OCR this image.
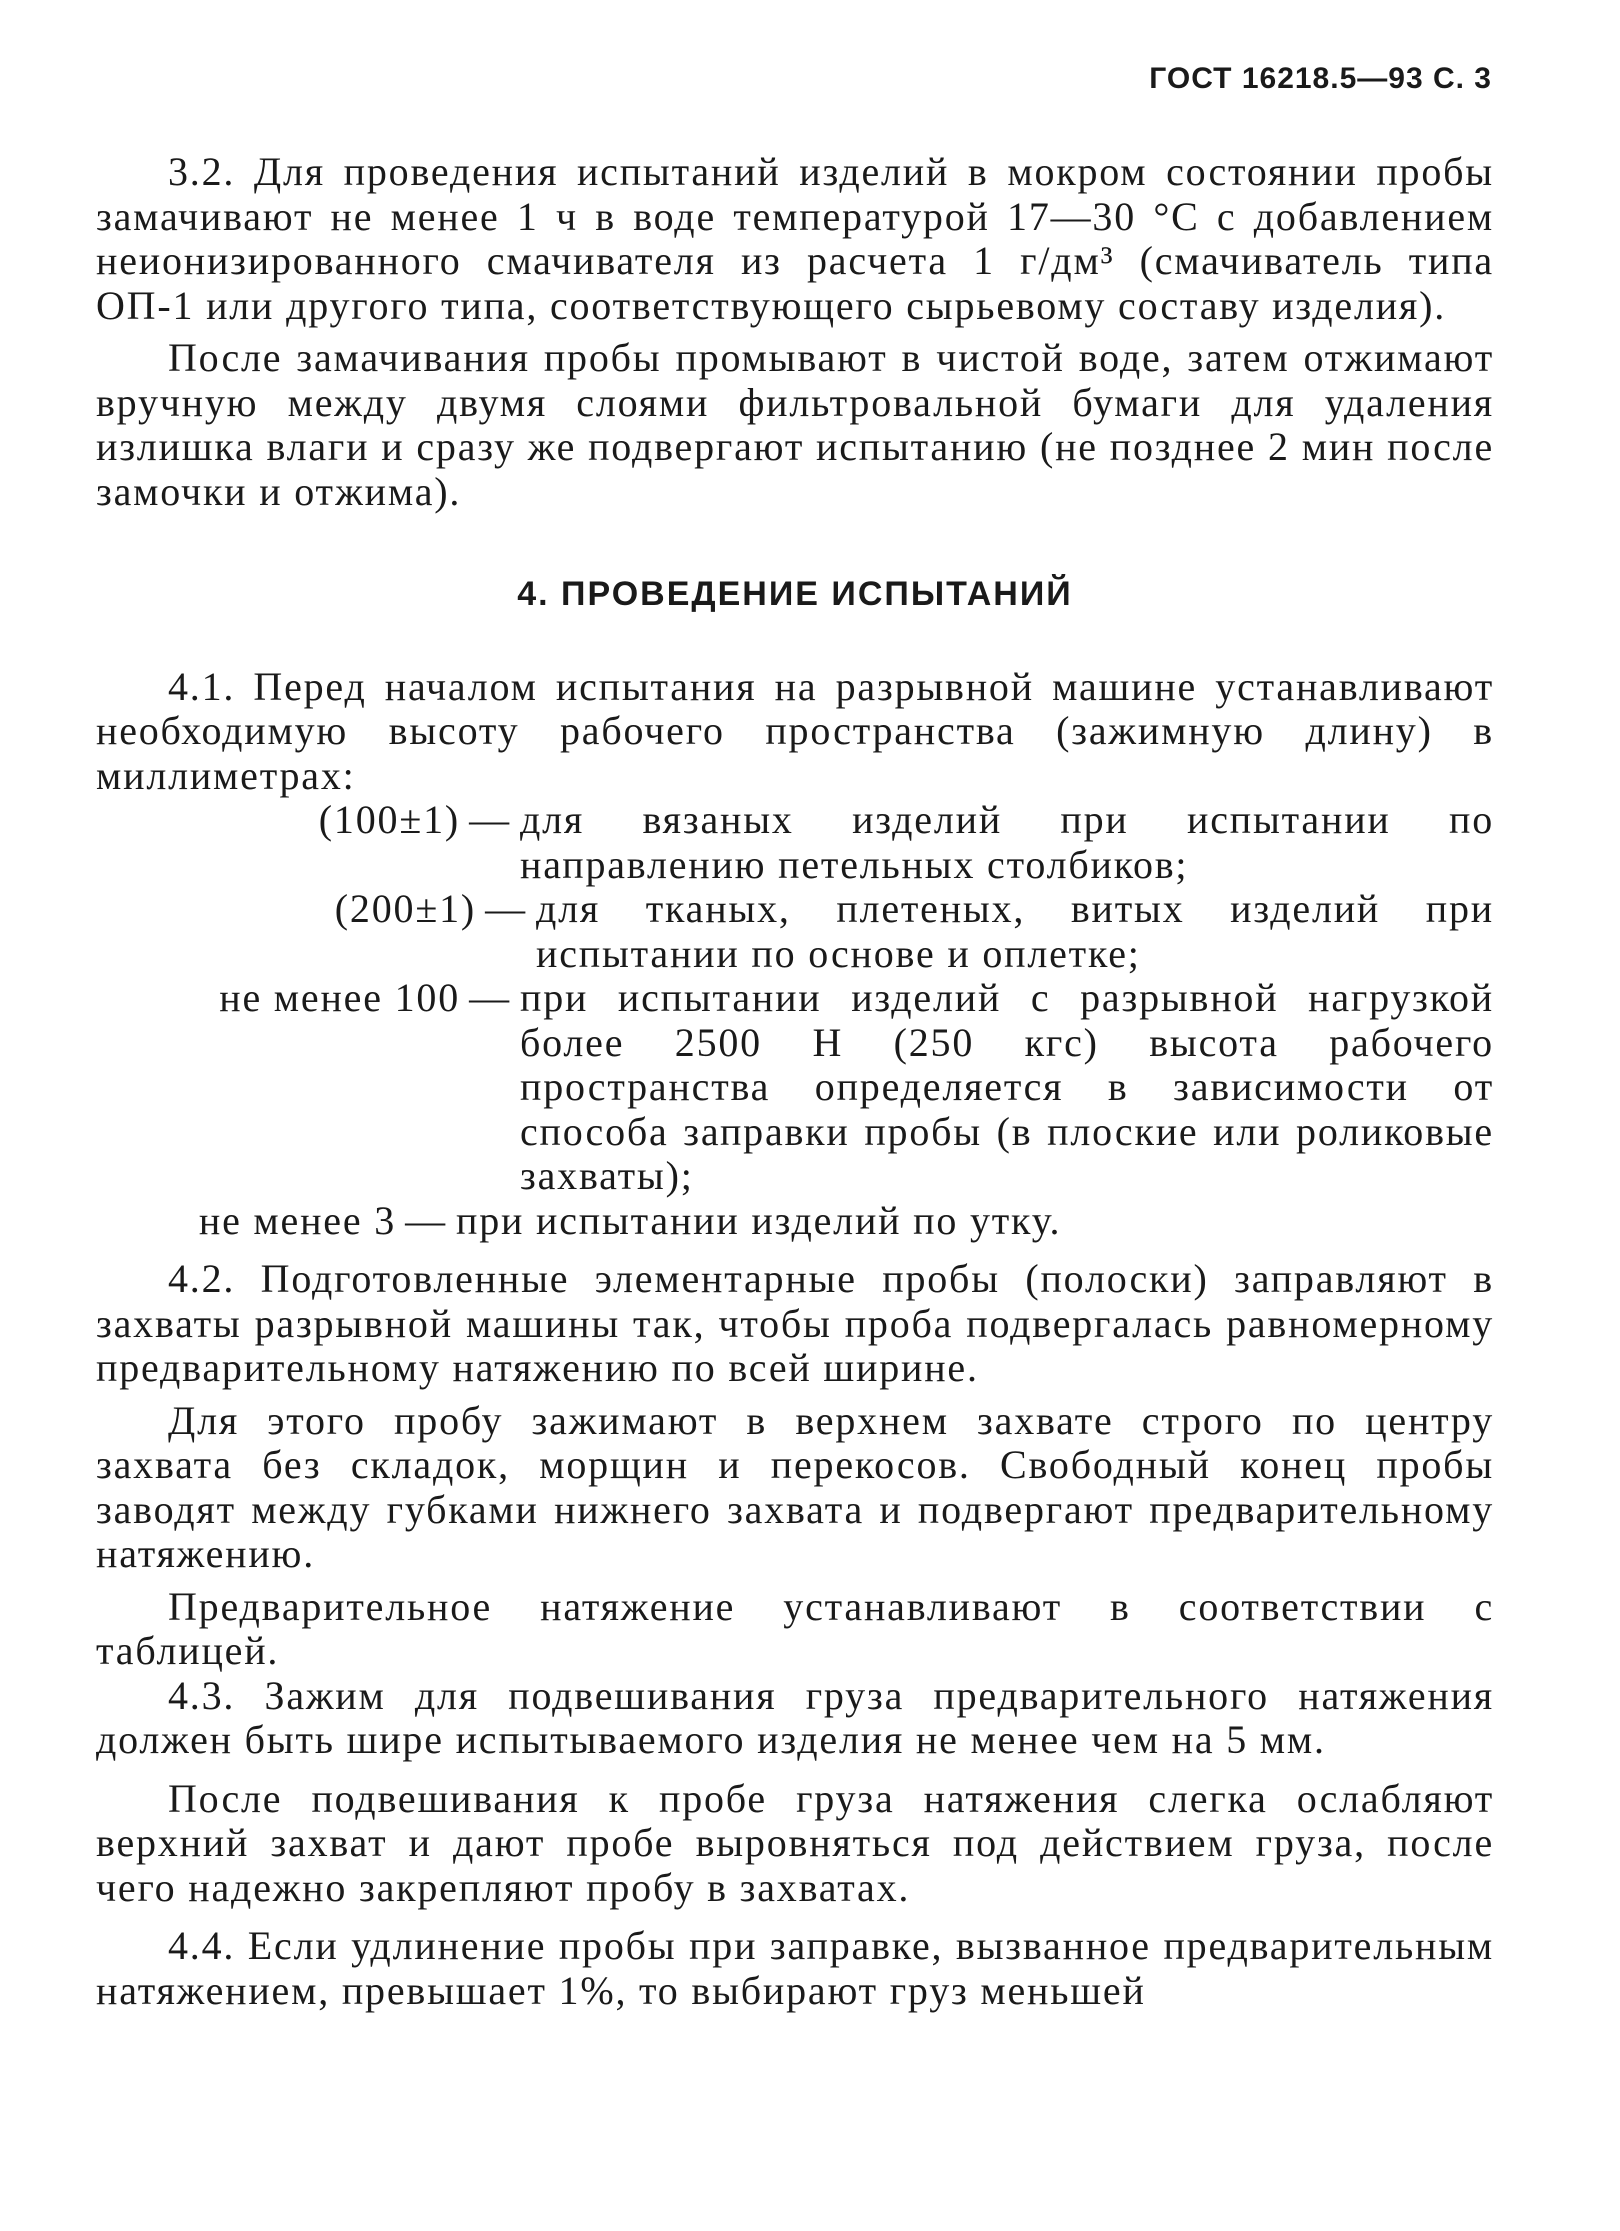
ГОСТ 16218.5—93 С. 3

3.2. Для проведения испытаний изделий в мокром состоянии пробы замачивают не менее 1 ч в воде температурой 17—30 °С с добавлением неионизированного смачивателя из расчета 1 г/дм³ (смачиватель типа ОП-1 или другого типа, соответствующего сырьевому составу изделия).

После замачивания пробы промывают в чистой воде, затем отжимают вручную между двумя слоями фильтровальной бумаги для удаления излишка влаги и сразу же подвергают испытанию (не позднее 2 мин после замочки и отжима).

4. ПРОВЕДЕНИЕ ИСПЫТАНИЙ

4.1. Перед началом испытания на разрывной машине устанавливают необходимую высоту рабочего пространства (зажимную длину) в миллиметрах:

(100±1) — для вязаных изделий при испытании по направлению петельных столбиков;
(200±1) — для тканых, плетеных, витых изделий при испытании по основе и оплетке;
не менее 100 — при испытании изделий с разрывной нагрузкой более 2500 Н (250 кгс) высота рабочего пространства определяется в зависимости от способа заправки пробы (в плоские или роликовые захваты);
не менее 3 — при испытании изделий по утку.

4.2. Подготовленные элементарные пробы (полоски) заправляют в захваты разрывной машины так, чтобы проба подвергалась равномерному предварительному натяжению по всей ширине.

Для этого пробу зажимают в верхнем захвате строго по центру захвата без складок, морщин и перекосов. Свободный конец пробы заводят между губками нижнего захвата и подвергают предварительному натяжению.

Предварительное натяжение устанавливают в соответствии с таблицей.

4.3. Зажим для подвешивания груза предварительного натяжения должен быть шире испытываемого изделия не менее чем на 5 мм.

После подвешивания к пробе груза натяжения слегка ослабляют верхний захват и дают пробе выровняться под действием груза, после чего надежно закрепляют пробу в захватах.

4.4. Если удлинение пробы при заправке, вызванное предварительным натяжением, превышает 1%, то выбирают груз меньшей
